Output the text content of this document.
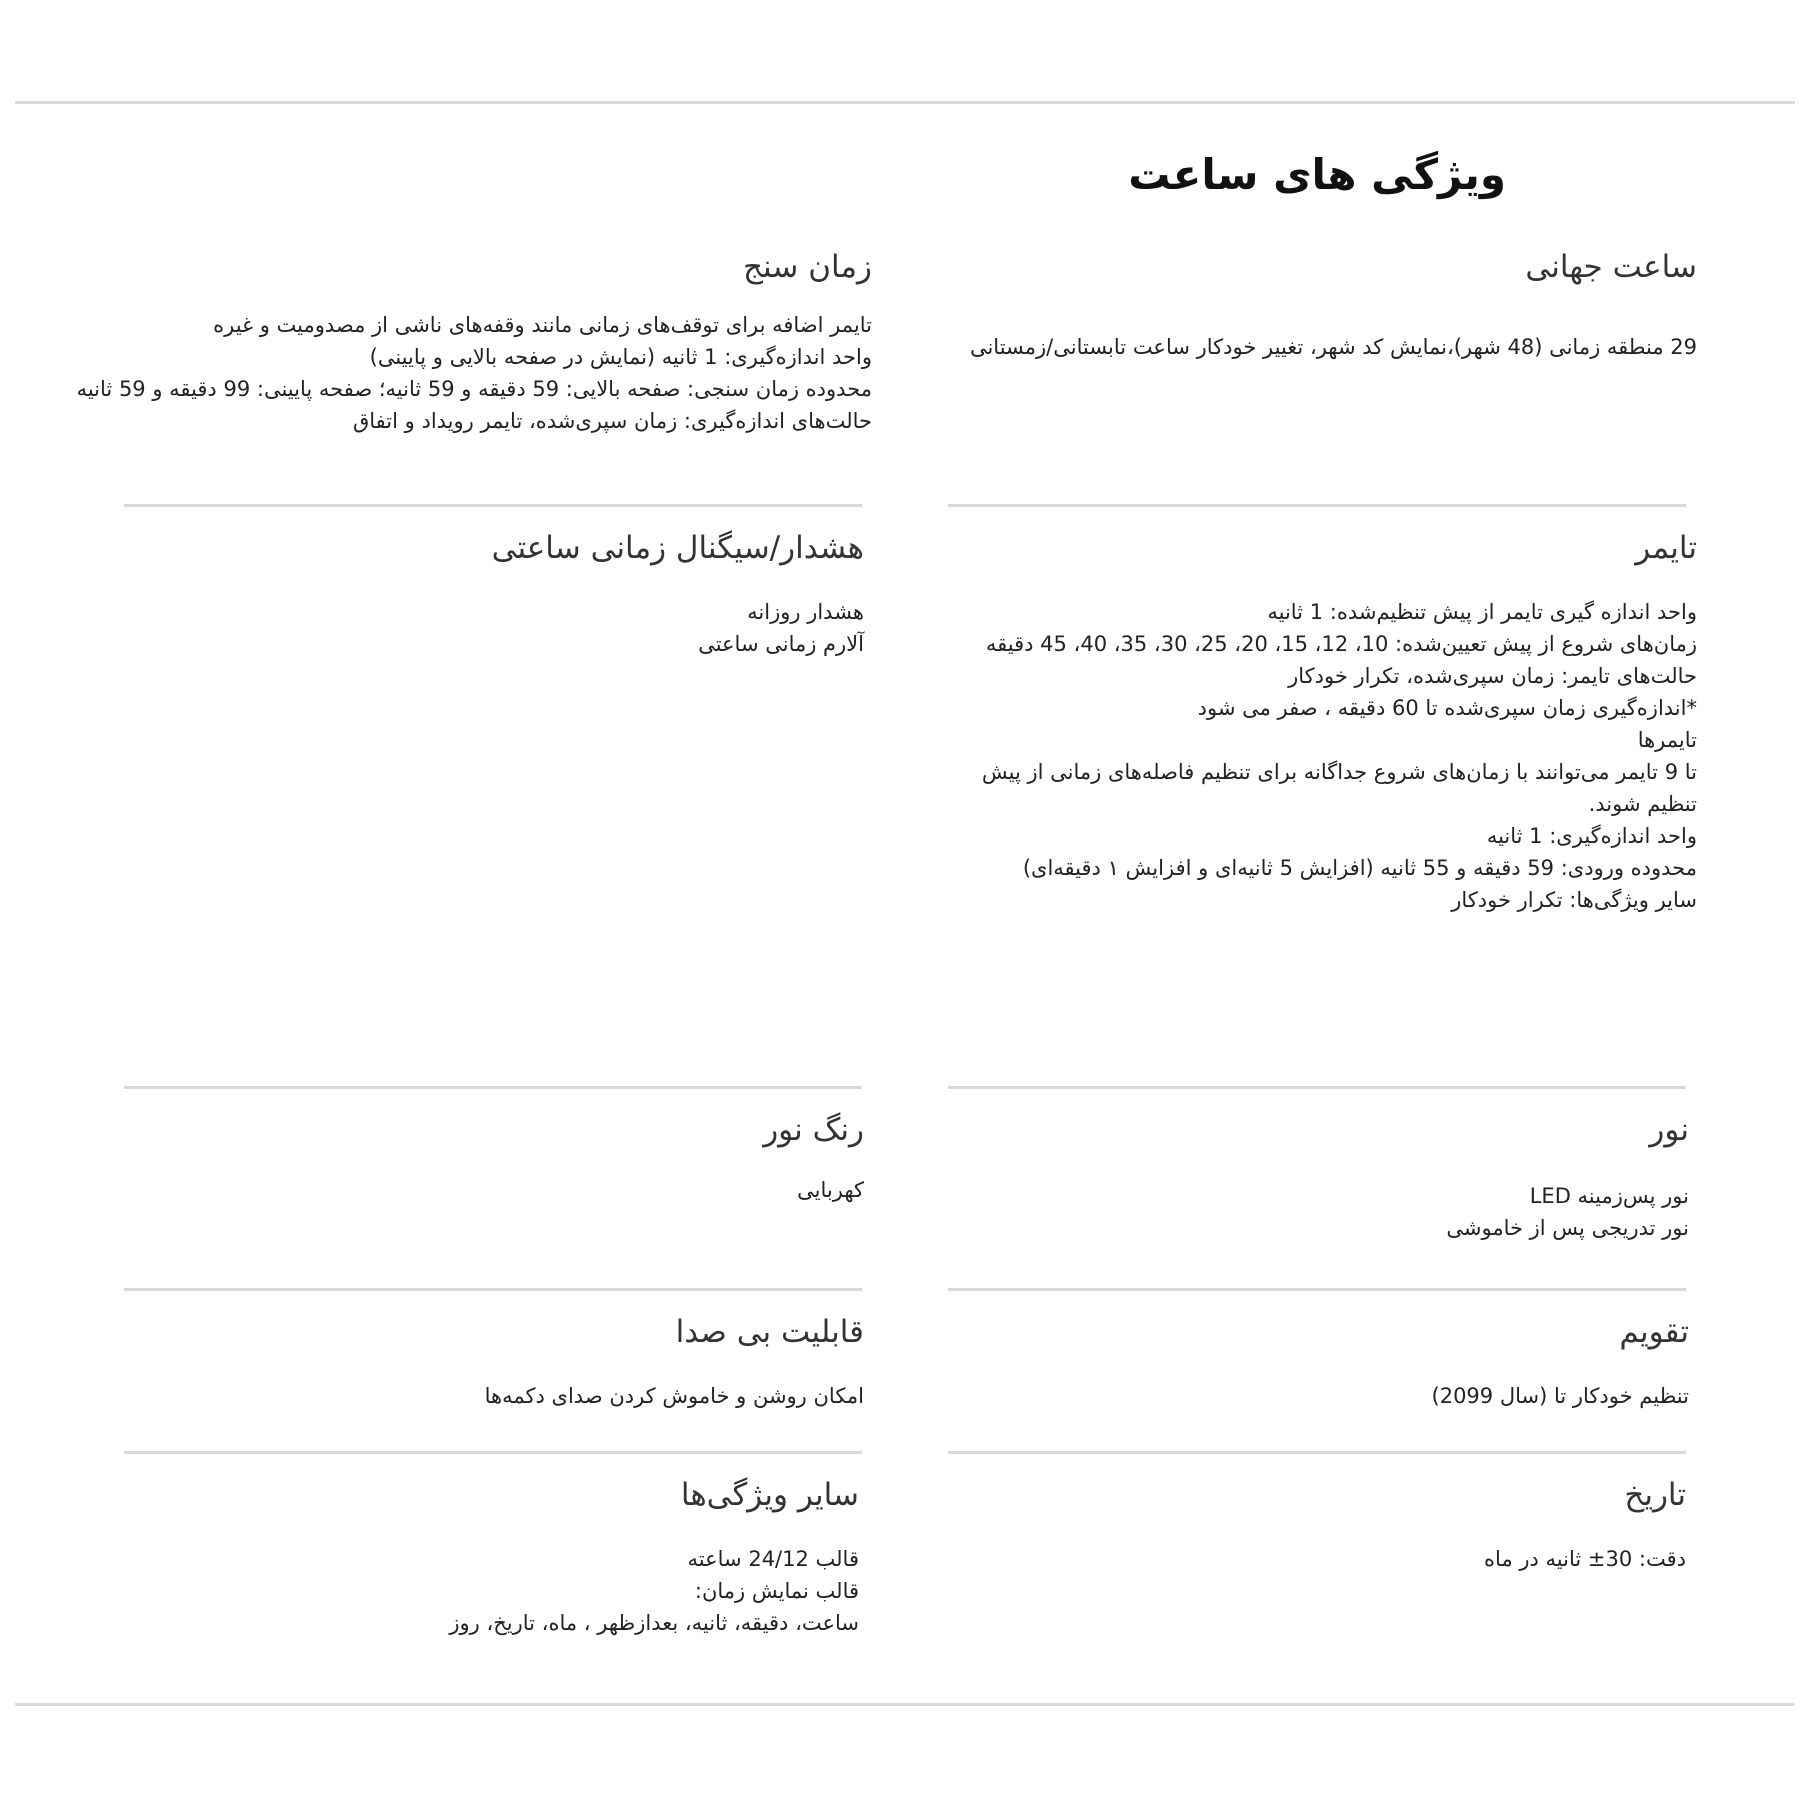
ویژگی های ساعت
ساعت جهانی
29 منطقه زمانی (48 شهر)،نمایش کد شهر، تغییر خودکار ساعت تابستانی/زمستانی
زمان سنج
تایمر اضافه برای توقف‌های زمانی مانند وقفه‌های ناشی از مصدومیت و غیره
واحد اندازه‌گیری: 1 ثانیه (نمایش در صفحه بالایی و پایینی)
محدوده زمان سنجی: صفحه بالایی: 59 دقیقه و 59 ثانیه؛ صفحه پایینی: 99 دقیقه و 59 ثانیه
حالت‌های اندازه‌گیری: زمان سپری‌شده، تایمر رویداد و اتفاق
تایمر
واحد اندازه گیری تایمر از پیش تنظیم‌شده: 1 ثانیه
زمان‌های شروع از پیش تعیین‌شده: 10، 12، 15، 20، 25، 30، 35، 40، 45 دقیقه
حالت‌های تایمر: زمان سپری‌شده، تکرار خودکار
*اندازه‌گیری زمان سپری‌شده تا 60 دقیقه ، صفر می شود
تایمرها
تا 9 تایمر می‌توانند با زمان‌های شروع جداگانه برای تنظیم فاصله‌های زمانی از پیش تنظیم شوند.
واحد اندازه‌گیری: 1 ثانیه
محدوده ورودی: 59 دقیقه و 55 ثانیه (افزایش 5 ثانیه‌ای و افزایش ۱ دقیقه‌ای)
سایر ویژگی‌ها: تکرار خودکار
هشدار/سیگنال زمانی ساعتی
هشدار روزانه
آلارم زمانی ساعتی
نور
نور پس‌زمینه LED
نور تدریجی پس از خاموشی
رنگ نور
کهربایی
تقویم
تنظیم خودکار تا (سال 2099)
قابلیت بی صدا
امکان روشن و خاموش کردن صدای دکمه‌ها
تاریخ
دقت: 30± ثانیه در ماه
سایر ویژگی‌ها
قالب 24/12 ساعته
قالب نمایش زمان:
ساعت، دقیقه، ثانیه، بعدازظهر ، ماه، تاریخ، روز
